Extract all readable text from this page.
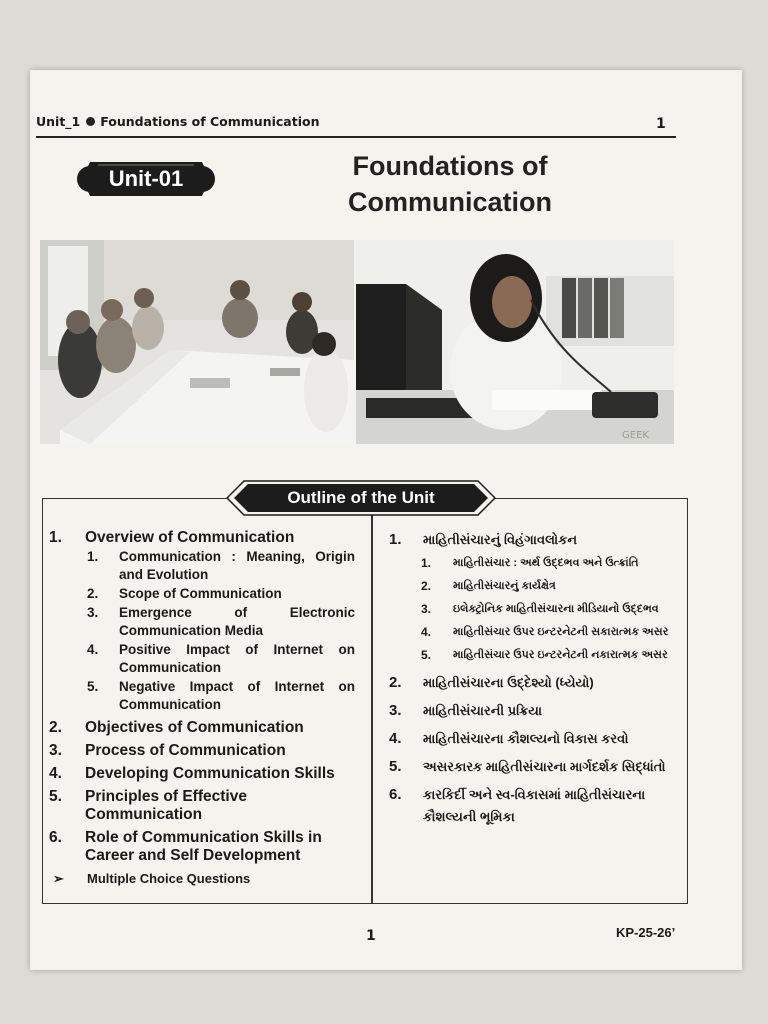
Unit_1 Foundations of Communication	1
Unit-01	Foundations of
Communication
GEEK
1.	Overview of Communication
1.	Communication : Meaning, Origin and Evolution
2.	Scope of Communication
3.	Emergence of Electronic Communication Media
4.	Positive Impact of Internet on Communication
5.	Negative Impact of Internet on Communication
2.	Objectives of Communication
3.	Process of Communication
4.	Developing Communication Skills
5.	Principles of Effective Communication
6.	Role of Communication Skills in Career and Self Development
➢	Multiple Choice Questions
1.	માહિતીસંચારનું વિહંગાવલોકન
1.	માહિતીસંચાર : અર્થ ઉદ્દભવ અને ઉત્ક્રાંતિ
2.	માહિતીસંચારનું કાર્યક્ષેત્ર
3.	ઇલેક્ટ્રોનિક માહિતીસંચારના મીડિયાનો ઉદ્દભવ
4.	માહિતીસંચાર ઉપર ઇન્ટરનેટની સકારાત્મક અસર
5.	માહિતીસંચાર ઉપર ઇન્ટરનેટની નકારાત્મક અસર
2.	માહિતીસંચારના ઉદ્દેશ્યો (ધ્યેયો)
3.	માહિતીસંચારની પ્રક્રિયા
4.	માહિતીસંચારના કૌશલ્યનો વિકાસ કરવો
5.	અસરકારક માહિતીસંચારના માર્ગદર્શક સિદ્ધાંતો
6.	કારકિર્દી અને સ્વ-વિકાસમાં માહિતીસંચારના કૌશલ્યની ભૂમિકા
Outline of the Unit
1	KP-25-26’
